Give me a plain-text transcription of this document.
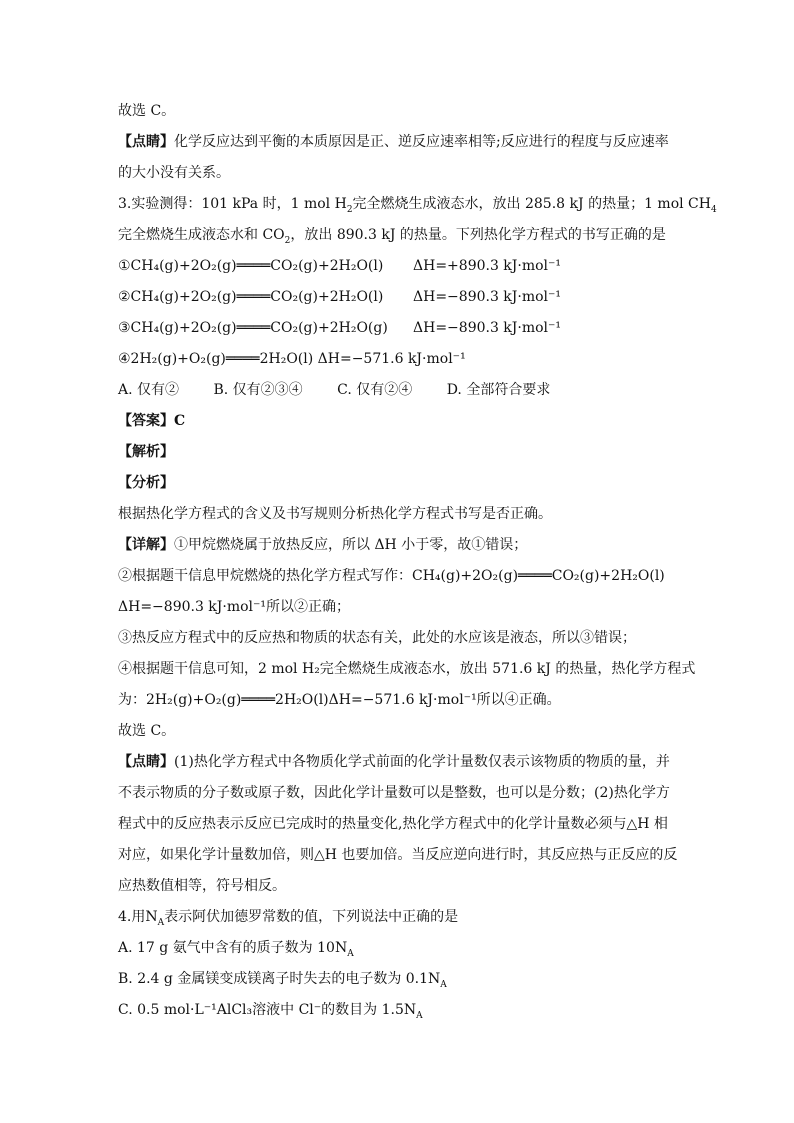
故选 C。
【点睛】化学反应达到平衡的本质原因是正、逆反应速率相等;反应进行的程度与反应速率
的大小没有关系。
3.实验测得：101 kPa 时，1 mol $H_2$完全燃烧生成液态水，放出 285.8 kJ 的热量；1 mol $CH_4$
完全燃烧生成液态水和 $CO_2$，放出 890.3 kJ 的热量。下列热化学方程式的书写正确的是
①CH₄(g)+2O₂(g)════CO₂(g)+2H₂O(l) ΔH=+890.3 kJ·mol⁻¹
②CH₄(g)+2O₂(g)════CO₂(g)+2H₂O(l) ΔH=−890.3 kJ·mol⁻¹
③CH₄(g)+2O₂(g)════CO₂(g)+2H₂O(g) ΔH=−890.3 kJ·mol⁻¹
④2H₂(g)+O₂(g)════2H₂O(l) ΔH=−571.6 kJ·mol⁻¹
A. 仅有② B. 仅有②③④ C. 仅有②④ D. 全部符合要求
【答案】C
【解析】
【分析】
根据热化学方程式的含义及书写规则分析热化学方程式书写是否正确。
【详解】①甲烷燃烧属于放热反应，所以 ΔH 小于零，故①错误；
②根据题干信息甲烷燃烧的热化学方程式写作：CH₄(g)+2O₂(g)════CO₂(g)+2H₂O(l)
ΔH=−890.3 kJ·mol⁻¹所以②正确；
③热反应方程式中的反应热和物质的状态有关，此处的水应该是液态，所以③错误；
④根据题干信息可知，2 mol H₂完全燃烧生成液态水，放出 571.6 kJ 的热量，热化学方程式
为：2H₂(g)+O₂(g)════2H₂O(l)ΔH=−571.6 kJ·mol⁻¹所以④正确。
故选 C。
【点睛】(1)热化学方程式中各物质化学式前面的化学计量数仅表示该物质的物质的量，并
不表示物质的分子数或原子数，因此化学计量数可以是整数，也可以是分数；(2)热化学方
程式中的反应热表示反应已完成时的热量变化,热化学方程式中的化学计量数必须与△H 相
对应，如果化学计量数加倍，则△H 也要加倍。当反应逆向进行时，其反应热与正反应的反
应热数值相等，符号相反。
4.用$N_A$表示阿伏加德罗常数的值，下列说法中正确的是
A. 17 g 氨气中含有的质子数为 $10N_A$
B. 2.4 g 金属镁变成镁离子时失去的电子数为 $0.1N_A$
C. 0.5 mol·L⁻¹AlCl₃溶液中 Cl⁻的数目为 $1.5N_A$
